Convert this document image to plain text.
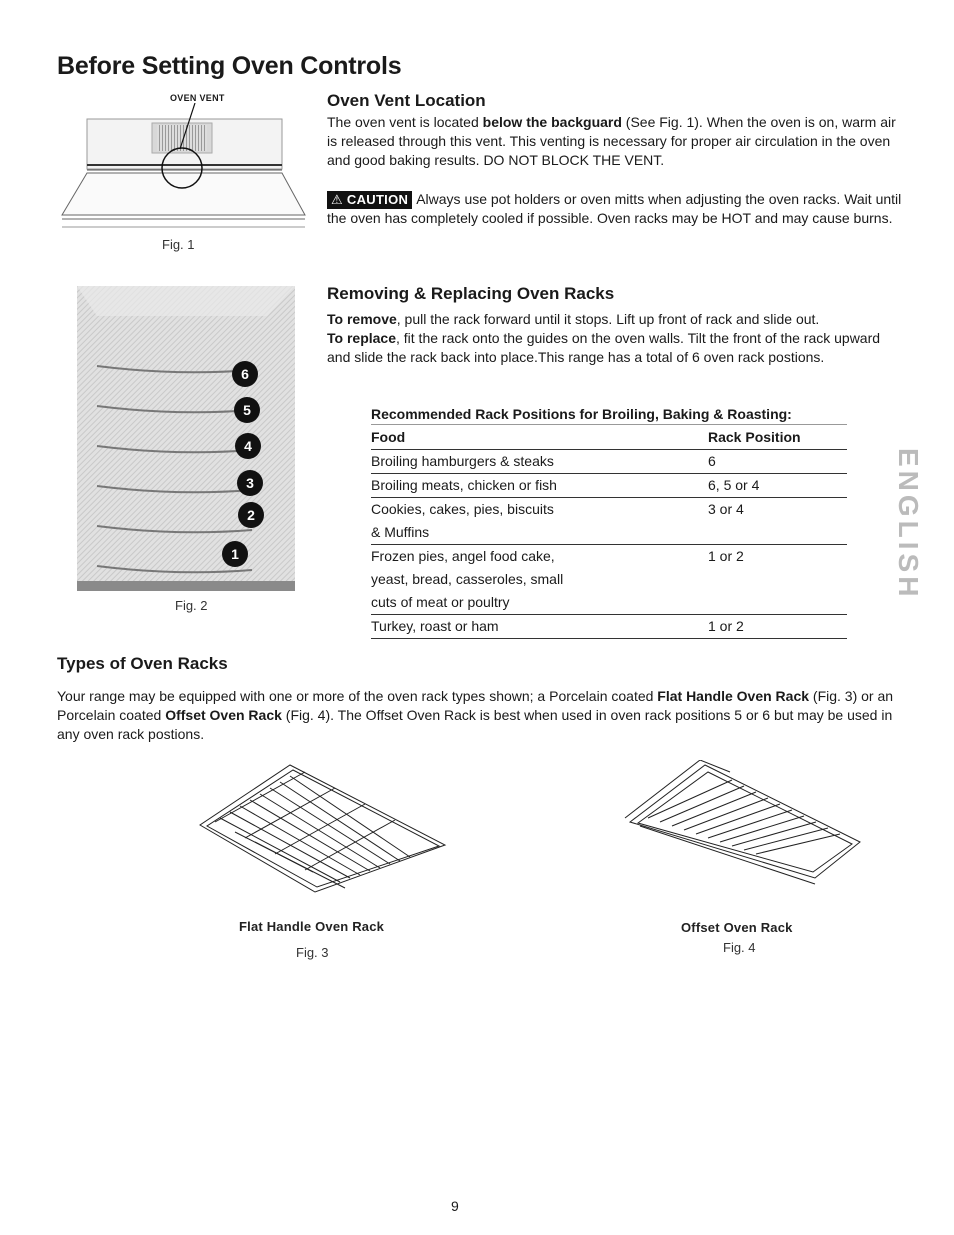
Before Setting Oven Controls
OVEN VENT
Fig. 1
Oven Vent Location

The oven vent is located below the backguard (See Fig. 1). When the oven is on, warm air is released through this vent. This venting is necessary for proper air circulation in the oven and good baking results. DO NOT BLOCK THE VENT.

⚠ CAUTION Always use pot holders or oven mitts when adjusting the oven racks. Wait until the oven has completely cooled if possible. Oven racks may be HOT and may cause burns.

6
5
4
3
2
1
Fig. 2
Removing & Replacing Oven Racks

To remove, pull the rack forward until it stops. Lift up front of rack and slide out.
To replace, fit the rack onto the guides on the oven walls. Tilt the front of the rack upward and slide the rack back into place.This range has a total of 6 oven rack postions.

Recommended Rack Positions for Broiling, Baking & Roasting:
Food	Rack Position
Broiling hamburgers & steaks	6
Broiling meats, chicken or fish	6, 5 or 4
Cookies, cakes, pies, biscuits
& Muffins	3 or 4
Frozen pies, angel food cake,
yeast, bread, casseroles, small
cuts of meat or poultry	1 or 2
Turkey, roast or ham	1 or 2
ENGLISH
Types of Oven Racks

Your range may be equipped with one or more of the oven rack types shown; a Porcelain coated Flat Handle Oven Rack (Fig. 3) or an Porcelain coated Offset Oven Rack (Fig. 4). The Offset Oven Rack is best when used in oven rack positions 5 or 6 but may be used in any oven rack postions.

Flat Handle Oven Rack
Fig. 3
Offset Oven Rack
Fig. 4
9
